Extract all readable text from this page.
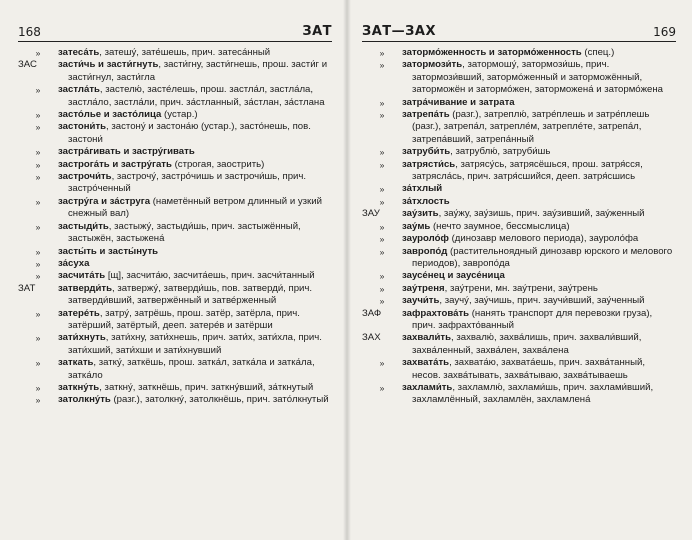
168	ЗАТ
»	затеса́ть, затешу́, зате́шешь, прич. затеса́нный
ЗАС	засти́чь и засти́гнуть, засти́гну, засти́гнешь, прош. засти́г и засти́гнул, засти́гла
»	застла́ть, застелю́, засте́лешь, прош. застла́л, застла́ла, застла́ло, застла́ли, прич. за́стланный, за́стлан, за́стлана
»	засто́лье и засто́лица (устар.)
»	застони́ть, застону́ и застона́ю (устар.), засто́нешь, пов. застони́
»	застра́гивать и застру́гивать
»	застрога́ть и застру́гать (строгая, заострить)
»	застрочи́ть, застрочу́, застро́чишь и застрочи́шь, прич. застро́ченный
»	застру́га и за́струга (наметённый ветром длинный и узкий снежный вал)
»	застыди́ть, застыжу́, застыди́шь, прич. застыжённый, застыжён, застыжена́
»	засты́ть и засты́нуть
»	за́суха
»	засчита́ть [щ], засчита́ю, засчита́ешь, прич. засчи́танный
ЗАТ	затверди́ть, затвержу́, затверди́шь, пов. затверди́, прич. затверди́вший, затвержённый и затве́рженный
»	затере́ть, затру́, затрёшь, прош. затёр, затёрла, прич. затёрший, затёртый, дееп. затере́в и затёрши
»	зати́хнуть, зати́хну, зати́хнешь, прич. зати́х, зати́хла, прич. зати́хший, зати́хши и зати́хнувший
»	заткать, затку́, заткёшь, прош. затка́л, затка́ла и затка́ла, затка́ло
»	заткну́ть, заткну́, заткнёшь, прич. заткну́вший, за́ткнутый
»	затолкну́ть (разг.), затолкну́, затолкнёшь, прич. зато́лкнутый
ЗАТ—ЗАХ	169
»	затормо́женность и затормо́женность (спец.)
»	затормози́ть, затормошу́, затормози́шь, прич. затормози́вший, затормо́женный и заторможённый, заторможён и затормо́жен, заторможена́ и затормо́жена
»	затра́чивание и затрата
»	затрепа́ть (разг.), затреплю́, затре́плешь и затре́плешь (разг.), затрепа́л, затрепле́м, затрепле́те, затрепа́л, затрепа́вший, затрепа́нный
»	затруби́ть, затрублю́, затруби́шь
»	затрясти́сь, затрясу́сь, затрясёшься, прош. затря́сся, затрясла́сь, прич. затря́сшийся, дееп. затря́сшись
»	за́тхлый
»	за́тхлость
ЗАУ	зау́зить, зау́жу, зау́зишь, прич. зау́зивший, зау́женный
»	зау́мь (нечто заумное, бессмыслица)
»	зауроло́ф (динозавр мелового периода), зауроло́фа
»	завропо́д (растительноядный динозавр юрского и мелового периодов), завропо́да
»	заусе́нец и заусе́ница
»	зау́треня, зау́трени, мн. зау́трени, зау́трень
»	заучи́ть, заучу́, зау́чишь, прич. заучи́вший, зау́ченный
ЗАФ	зафрахтова́ть (нанять транспорт для перевозки груза), прич. зафрахто́ванный
ЗАХ	захвали́ть, захвалю́, захва́лишь, прич. захвали́вший, захва́ленный, захва́лен, захва́лена
»	захвата́ть, захвата́ю, захвата́ешь, прич. захва́танный, несов. захва́тывать, захва́тываю, захва́тываешь
»	захлами́ть, захламлю́, захлами́шь, прич. захлами́вший, захламлённый, захламлён, захламлена́
